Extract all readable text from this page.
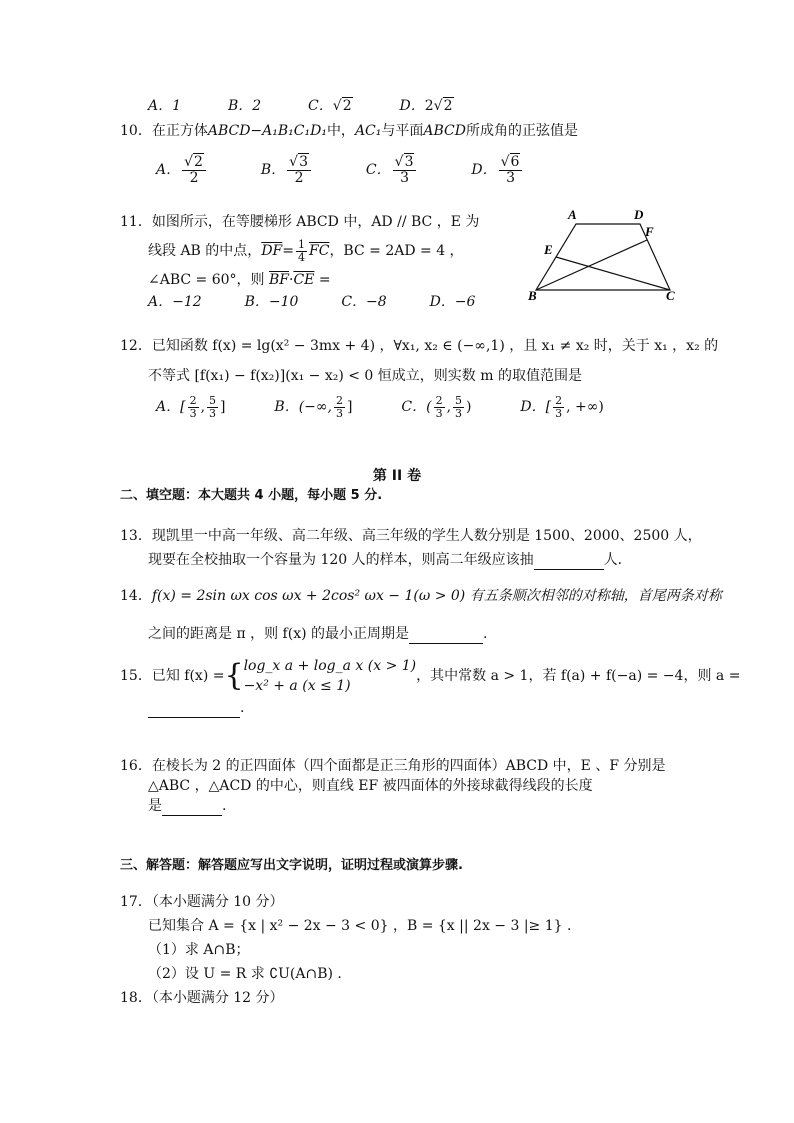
A．1	B．2	C．√2	D．2√2
10．在正方体ABCD−A₁B₁C₁D₁中，AC₁与平面ABCD所成角的正弦值是
A． $\frac{√2}{2}$	B． $\frac{√3}{2}$	C． $\frac{√3}{3}$	D． $\frac{√6}{3}$
11．如图所示，在等腰梯形 ABCD 中，AD // BC ，E 为
线段 AB 的中点，$\overline{DF}= \frac{1}{4} \overline{FC}$，BC = 2AD = 4 ，
∠ABC = 60°，则 $\overline{BF}\cdot\overline{CE}$ =
A．−12	B．−10	C．−8	D．−6
A	D
F
E
B	C
12．已知函数 f(x) = lg(x² − 3mx + 4) ，∀x₁, x₂ ∈ (−∞,1) ，且 x₁ ≠ x₂ 时，关于 x₁ ，x₂ 的
不等式 [f(x₁) − f(x₂)](x₁ − x₂) < 0 恒成立，则实数 m 的取值范围是
A．[ $\frac{2}{3}$ , $\frac{5}{3}$ ]	B．(−∞, $\frac{2}{3}$ ]	C．( $\frac{2}{3}$ , $\frac{5}{3}$ )	D．[ $\frac{2}{3}$ , +∞)
第 II 卷
二、填空题：本大题共 4 小题，每小题 5 分.
13．现凯里一中高一年级、高二年级、高三年级的学生人数分别是 1500、2000、2500 人，
现要在全校抽取一个容量为 120 人的样本，则高二年级应该抽	人．
14．f(x) = 2sin ωx cos ωx + 2cos² ωx − 1(ω > 0) 有五条顺次相邻的对称轴，首尾两条对称
之间的距离是 π ，则 f(x) 的最小正周期是	.
15．已知 f(x) ={ log_x a + log_a x (x > 1)
−x² + a (x ≤ 1)
，其中常数 a > 1，若 f(a) + f(−a) = −4，则 a =
.
16．在棱长为 2 的正四面体（四个面都是正三角形的四面体）ABCD 中，E 、F 分别是
△ABC ，△ACD 的中心，则直线 EF 被四面体的外接球截得线段的长度
是	.
三、解答题：解答题应写出文字说明，证明过程或演算步骤.
17．（本小题满分 10 分）
已知集合 A = {x | x² − 2x − 3 < 0} ，B = {x || 2x − 3 |≥ 1} .
（1）求 A∩B；
（2）设 U = R 求 ∁U(A∩B) .
18．（本小题满分 12 分）
